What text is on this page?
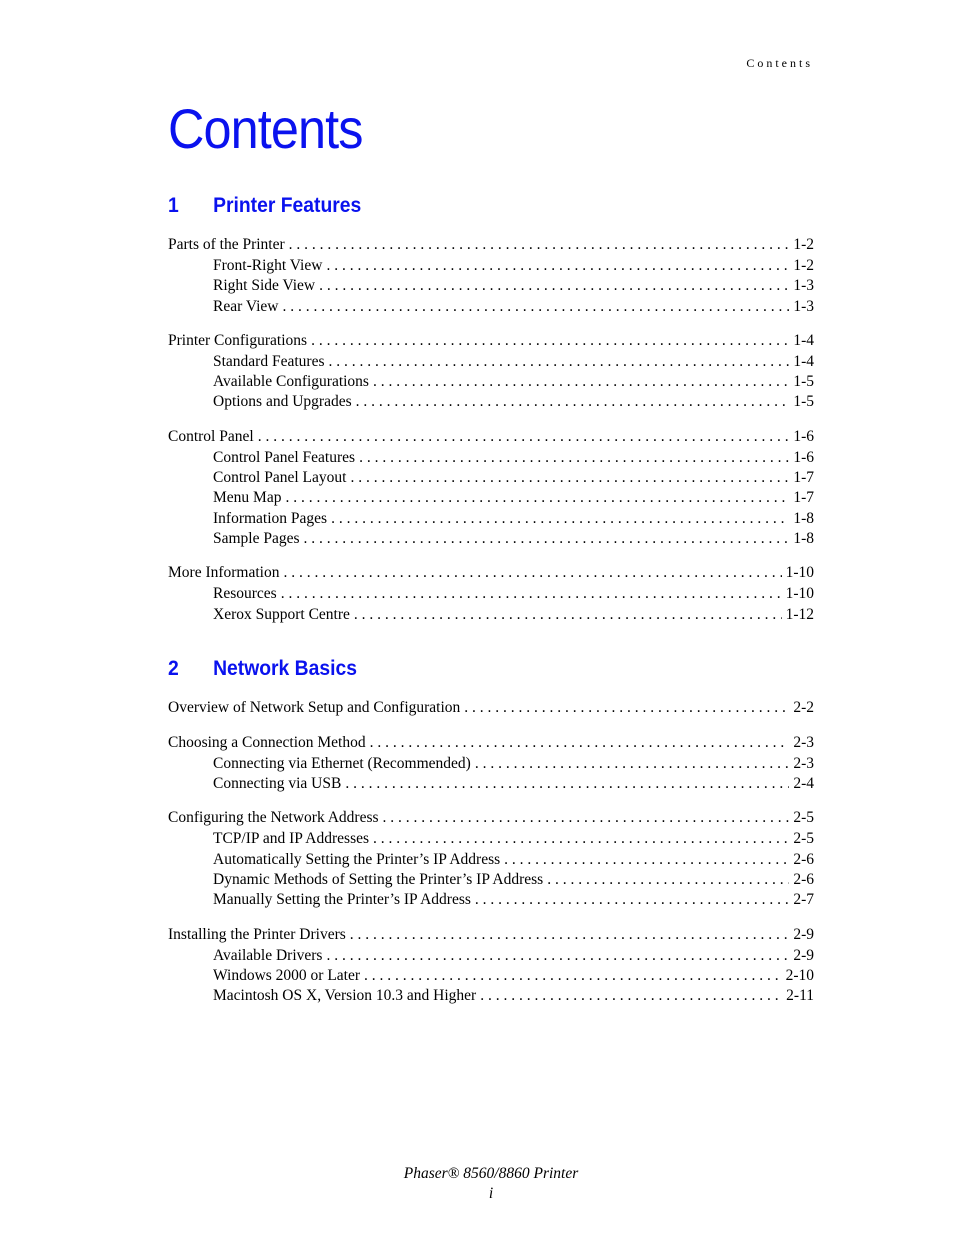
Contents
Contents
1	Printer Features
Parts of the Printer . . .	1-2
Front-Right View . . .	1-2
Right Side View . . .	1-3
Rear View . . .	1-3
Printer Configurations . . .	1-4
Standard Features . . .	1-4
Available Configurations . . .	1-5
Options and Upgrades . . .	1-5
Control Panel . . .	1-6
Control Panel Features . . .	1-6
Control Panel Layout . . .	1-7
Menu Map . . .	1-7
Information Pages . . .	1-8
Sample Pages . . .	1-8
More Information . . .	1-10
Resources . . .	1-10
Xerox Support Centre . . .	1-12
2	Network Basics
Overview of Network Setup and Configuration . . .	2-2
Choosing a Connection Method . . .	2-3
Connecting via Ethernet (Recommended) . . .	2-3
Connecting via USB . . .	2-4
Configuring the Network Address . . .	2-5
TCP/IP and IP Addresses . . .	2-5
Automatically Setting the Printer’s IP Address . . .	2-6
Dynamic Methods of Setting the Printer’s IP Address . . .	2-6
Manually Setting the Printer’s IP Address . . .	2-7
Installing the Printer Drivers . . .	2-9
Available Drivers . . .	2-9
Windows 2000 or Later . . .	2-10
Macintosh OS X, Version 10.3 and Higher . . .	2-11
Phaser® 8560/8860 Printer
i
